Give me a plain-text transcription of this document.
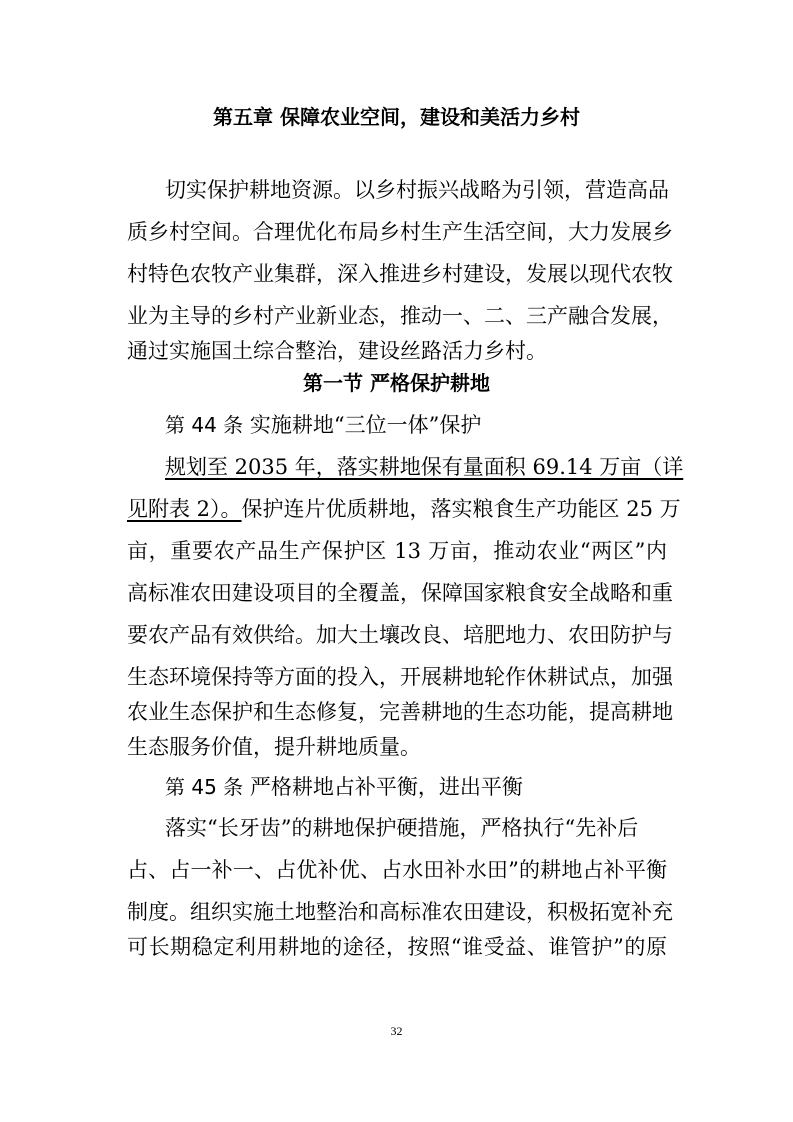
第五章 保障农业空间，建设和美活力乡村
切实保护耕地资源。以乡村振兴战略为引领，营造高品
质乡村空间。合理优化布局乡村生产生活空间，大力发展乡
村特色农牧产业集群，深入推进乡村建设，发展以现代农牧
业为主导的乡村产业新业态，推动一、二、三产融合发展，
通过实施国土综合整治，建设丝路活力乡村。
第一节 严格保护耕地
第 44 条 实施耕地“三位一体”保护
规划至 2035 年，落实耕地保有量面积 69.14 万亩（详
见附表 2）。保护连片优质耕地，落实粮食生产功能区 25 万
亩，重要农产品生产保护区 13 万亩，推动农业“两区”内
高标准农田建设项目的全覆盖，保障国家粮食安全战略和重
要农产品有效供给。加大土壤改良、培肥地力、农田防护与
生态环境保持等方面的投入，开展耕地轮作休耕试点，加强
农业生态保护和生态修复，完善耕地的生态功能，提高耕地
生态服务价值，提升耕地质量。
第 45 条 严格耕地占补平衡，进出平衡
落实“长牙齿”的耕地保护硬措施，严格执行“先补后
占、占一补一、占优补优、占水田补水田”的耕地占补平衡
制度。组织实施土地整治和高标准农田建设，积极拓宽补充
可长期稳定利用耕地的途径，按照“谁受益、谁管护”的原
32
